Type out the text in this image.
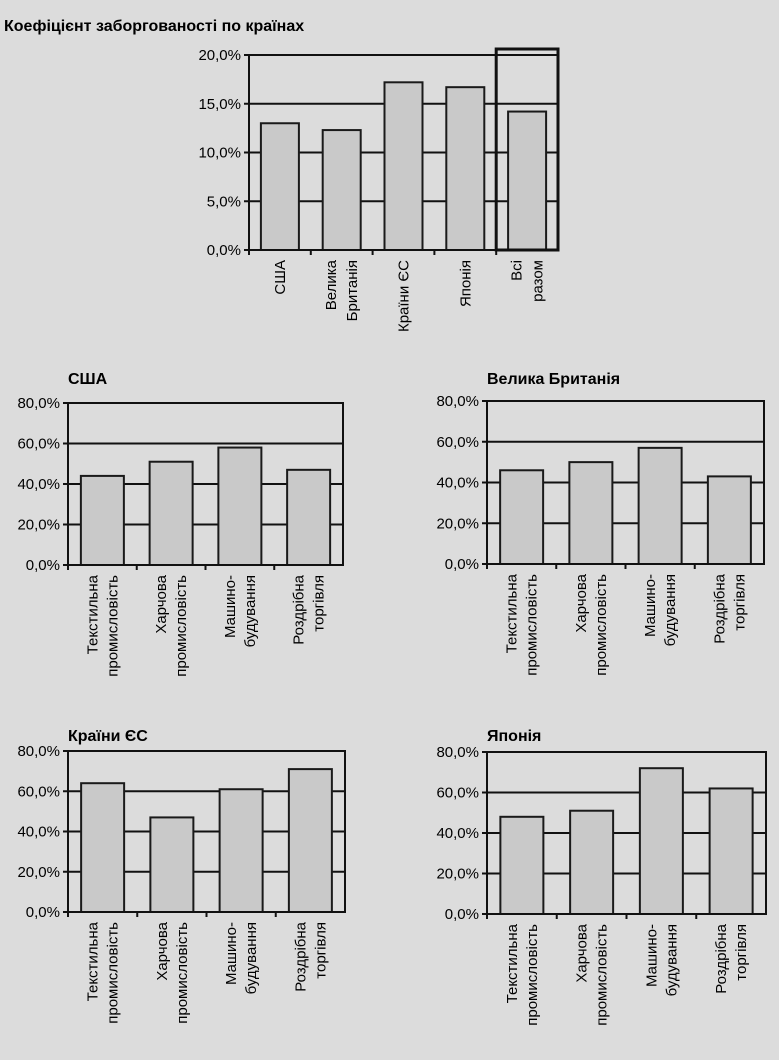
Коефіцієнт заборгованості по країнах
0,0%
5,0%
10,0%
15,0%
20,0%
США Велика Британія Країни ЄС	Японія Всі разом
США
0,0%
20,0%
40,0%
60,0%
80,0%
Текстильна промисловість Харчова промисловість Машино- будування Роздрібна торгівля
Велика Британія
0,0%
20,0%
40,0%
60,0%
80,0%
Текстильна промисловість Харчова промисловість Машино- будування Роздрібна торгівля
Країни ЄС
0,0%
20,0%
40,0%
60,0%
80,0%
Текстильна промисловість Харчова промисловість Машино- будування Роздрібна торгівля
Японія
0,0%
20,0%
40,0%
60,0%
80,0%
Текстильна промисловість Харчова промисловість Машино- будування Роздрібна торгівля
